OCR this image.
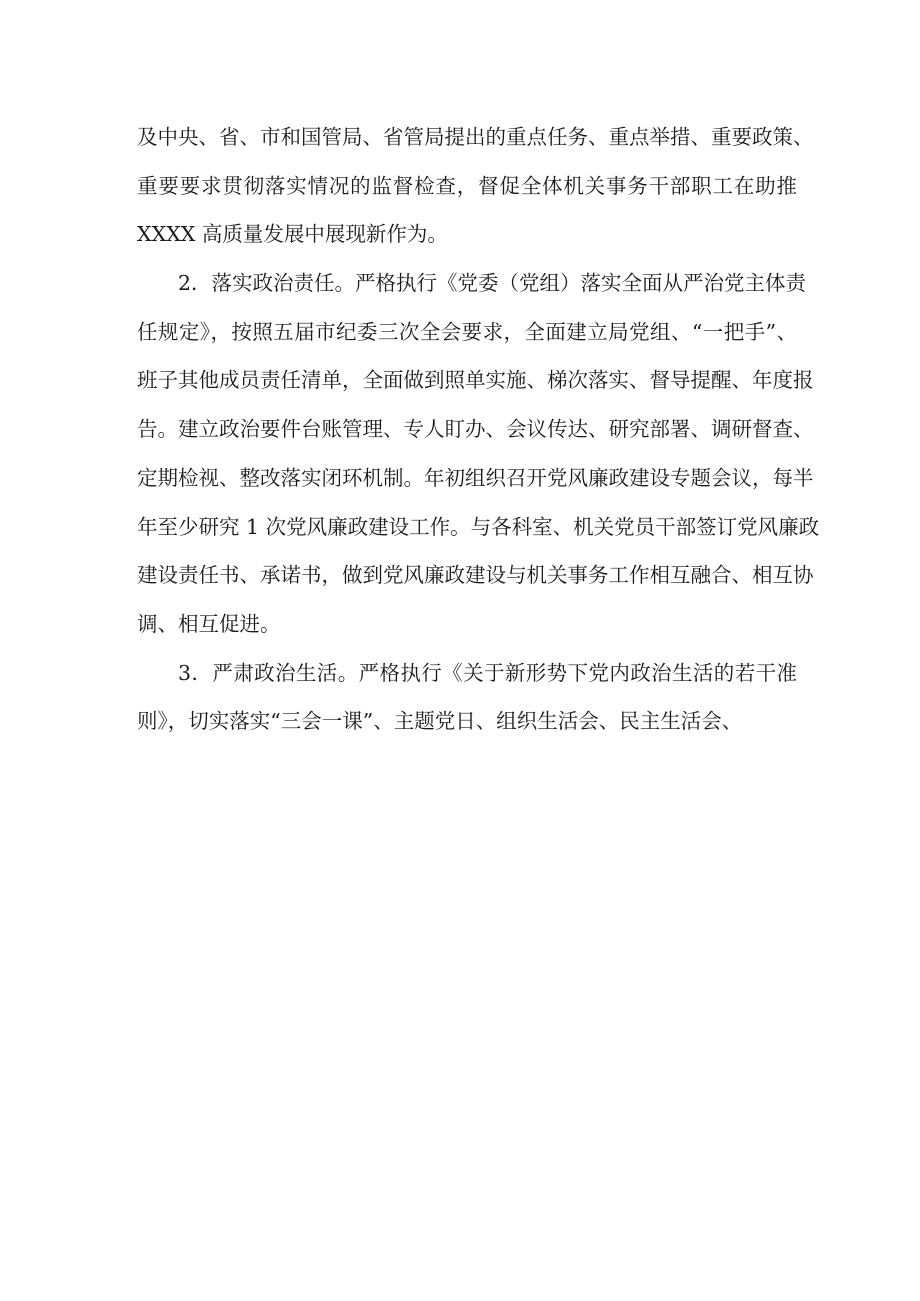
及中央、省、市和国管局、省管局提出的重点任务、重点举措、重要政策、
重要要求贯彻落实情况的监督检查，督促全体机关事务干部职工在助推
XXXX 高质量发展中展现新作为。
2．落实政治责任。严格执行《党委（党组）落实全面从严治党主体责
任规定》，按照五届市纪委三次全会要求，全面建立局党组、“一把手”、
班子其他成员责任清单，全面做到照单实施、梯次落实、督导提醒、年度报
告。建立政治要件台账管理、专人盯办、会议传达、研究部署、调研督查、
定期检视、整改落实闭环机制。年初组织召开党风廉政建设专题会议，每半
年至少研究 1 次党风廉政建设工作。与各科室、机关党员干部签订党风廉政
建设责任书、承诺书，做到党风廉政建设与机关事务工作相互融合、相互协
调、相互促进。
3．严肃政治生活。严格执行《关于新形势下党内政治生活的若干准
则》，切实落实“三会一课”、主题党日、组织生活会、民主生活会、
